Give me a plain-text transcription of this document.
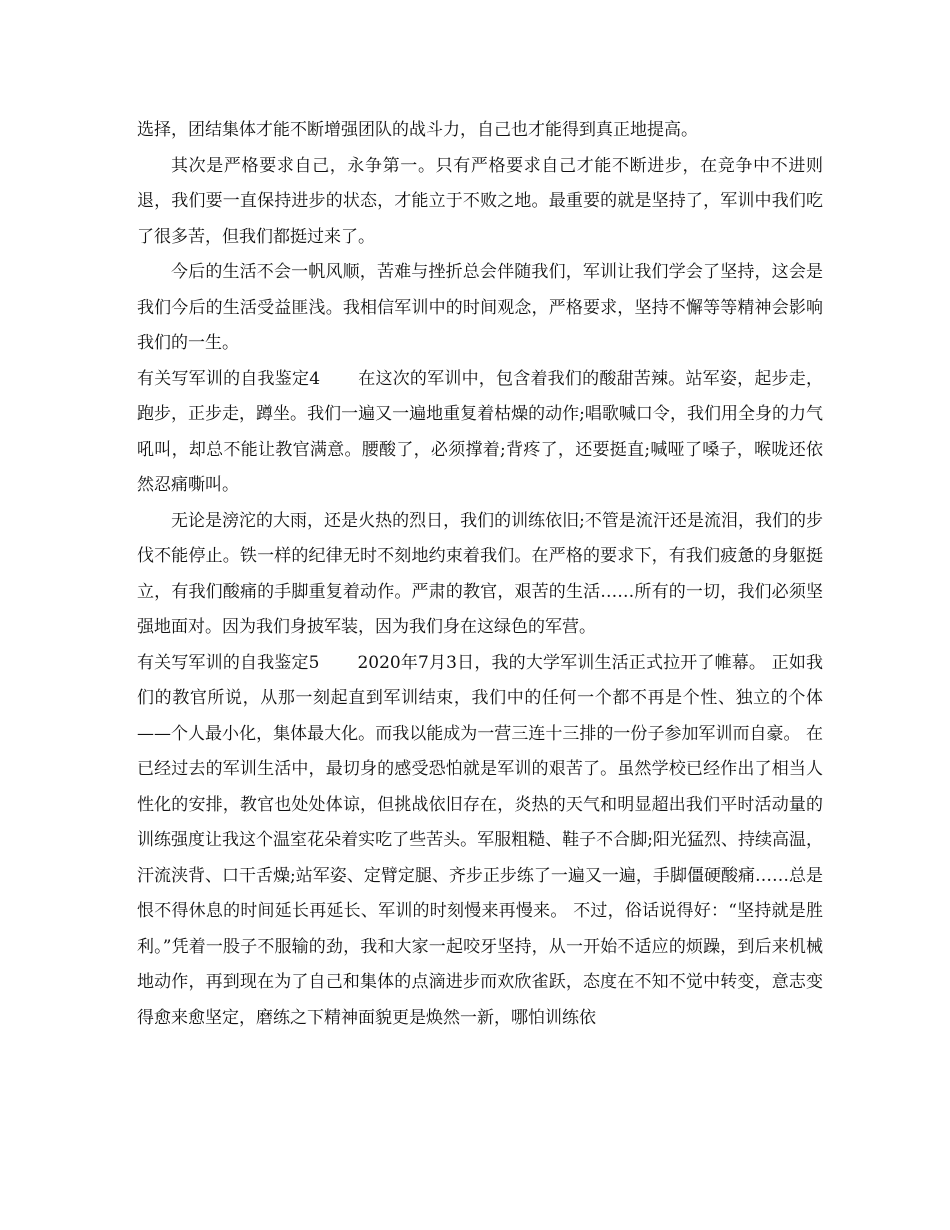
选择，团结集体才能不断增强团队的战斗力，自己也才能得到真正地提高。

其次是严格要求自己，永争第一。只有严格要求自己才能不断进步，在竞争中不进则退，我们要一直保持进步的状态，才能立于不败之地。最重要的就是坚持了，军训中我们吃了很多苦，但我们都挺过来了。

今后的生活不会一帆风顺，苦难与挫折总会伴随我们，军训让我们学会了坚持，这会是我们今后的生活受益匪浅。我相信军训中的时间观念，严格要求，坚持不懈等等精神会影响我们的一生。

有关写军训的自我鉴定4 在这次的军训中，包含着我们的酸甜苦辣。站军姿，起步走，跑步，正步走，蹲坐。我们一遍又一遍地重复着枯燥的动作;唱歌喊口令，我们用全身的力气吼叫，却总不能让教官满意。腰酸了，必须撑着;背疼了，还要挺直;喊哑了嗓子，喉咙还依然忍痛嘶叫。

无论是滂沱的大雨，还是火热的烈日，我们的训练依旧;不管是流汗还是流泪，我们的步伐不能停止。铁一样的纪律无时不刻地约束着我们。在严格的要求下，有我们疲惫的身躯挺立，有我们酸痛的手脚重复着动作。严肃的教官，艰苦的生活……所有的一切，我们必须坚强地面对。因为我们身披军装，因为我们身在这绿色的军营。

有关写军训的自我鉴定5 2020年7月3日，我的大学军训生活正式拉开了帷幕。 正如我们的教官所说，从那一刻起直到军训结束，我们中的任何一个都不再是个性、独立的个体——个人最小化，集体最大化。而我以能成为一营三连十三排的一份子参加军训而自豪。 在已经过去的军训生活中，最切身的感受恐怕就是军训的艰苦了。虽然学校已经作出了相当人性化的安排，教官也处处体谅，但挑战依旧存在，炎热的天气和明显超出我们平时活动量的训练强度让我这个温室花朵着实吃了些苦头。军服粗糙、鞋子不合脚;阳光猛烈、持续高温，汗流浃背、口干舌燥;站军姿、定臂定腿、齐步正步练了一遍又一遍，手脚僵硬酸痛……总是恨不得休息的时间延长再延长、军训的时刻慢来再慢来。 不过，俗话说得好：“坚持就是胜利。”凭着一股子不服输的劲，我和大家一起咬牙坚持，从一开始不适应的烦躁，到后来机械地动作，再到现在为了自己和集体的点滴进步而欢欣雀跃，态度在不知不觉中转变，意志变得愈来愈坚定，磨练之下精神面貌更是焕然一新，哪怕训练依
